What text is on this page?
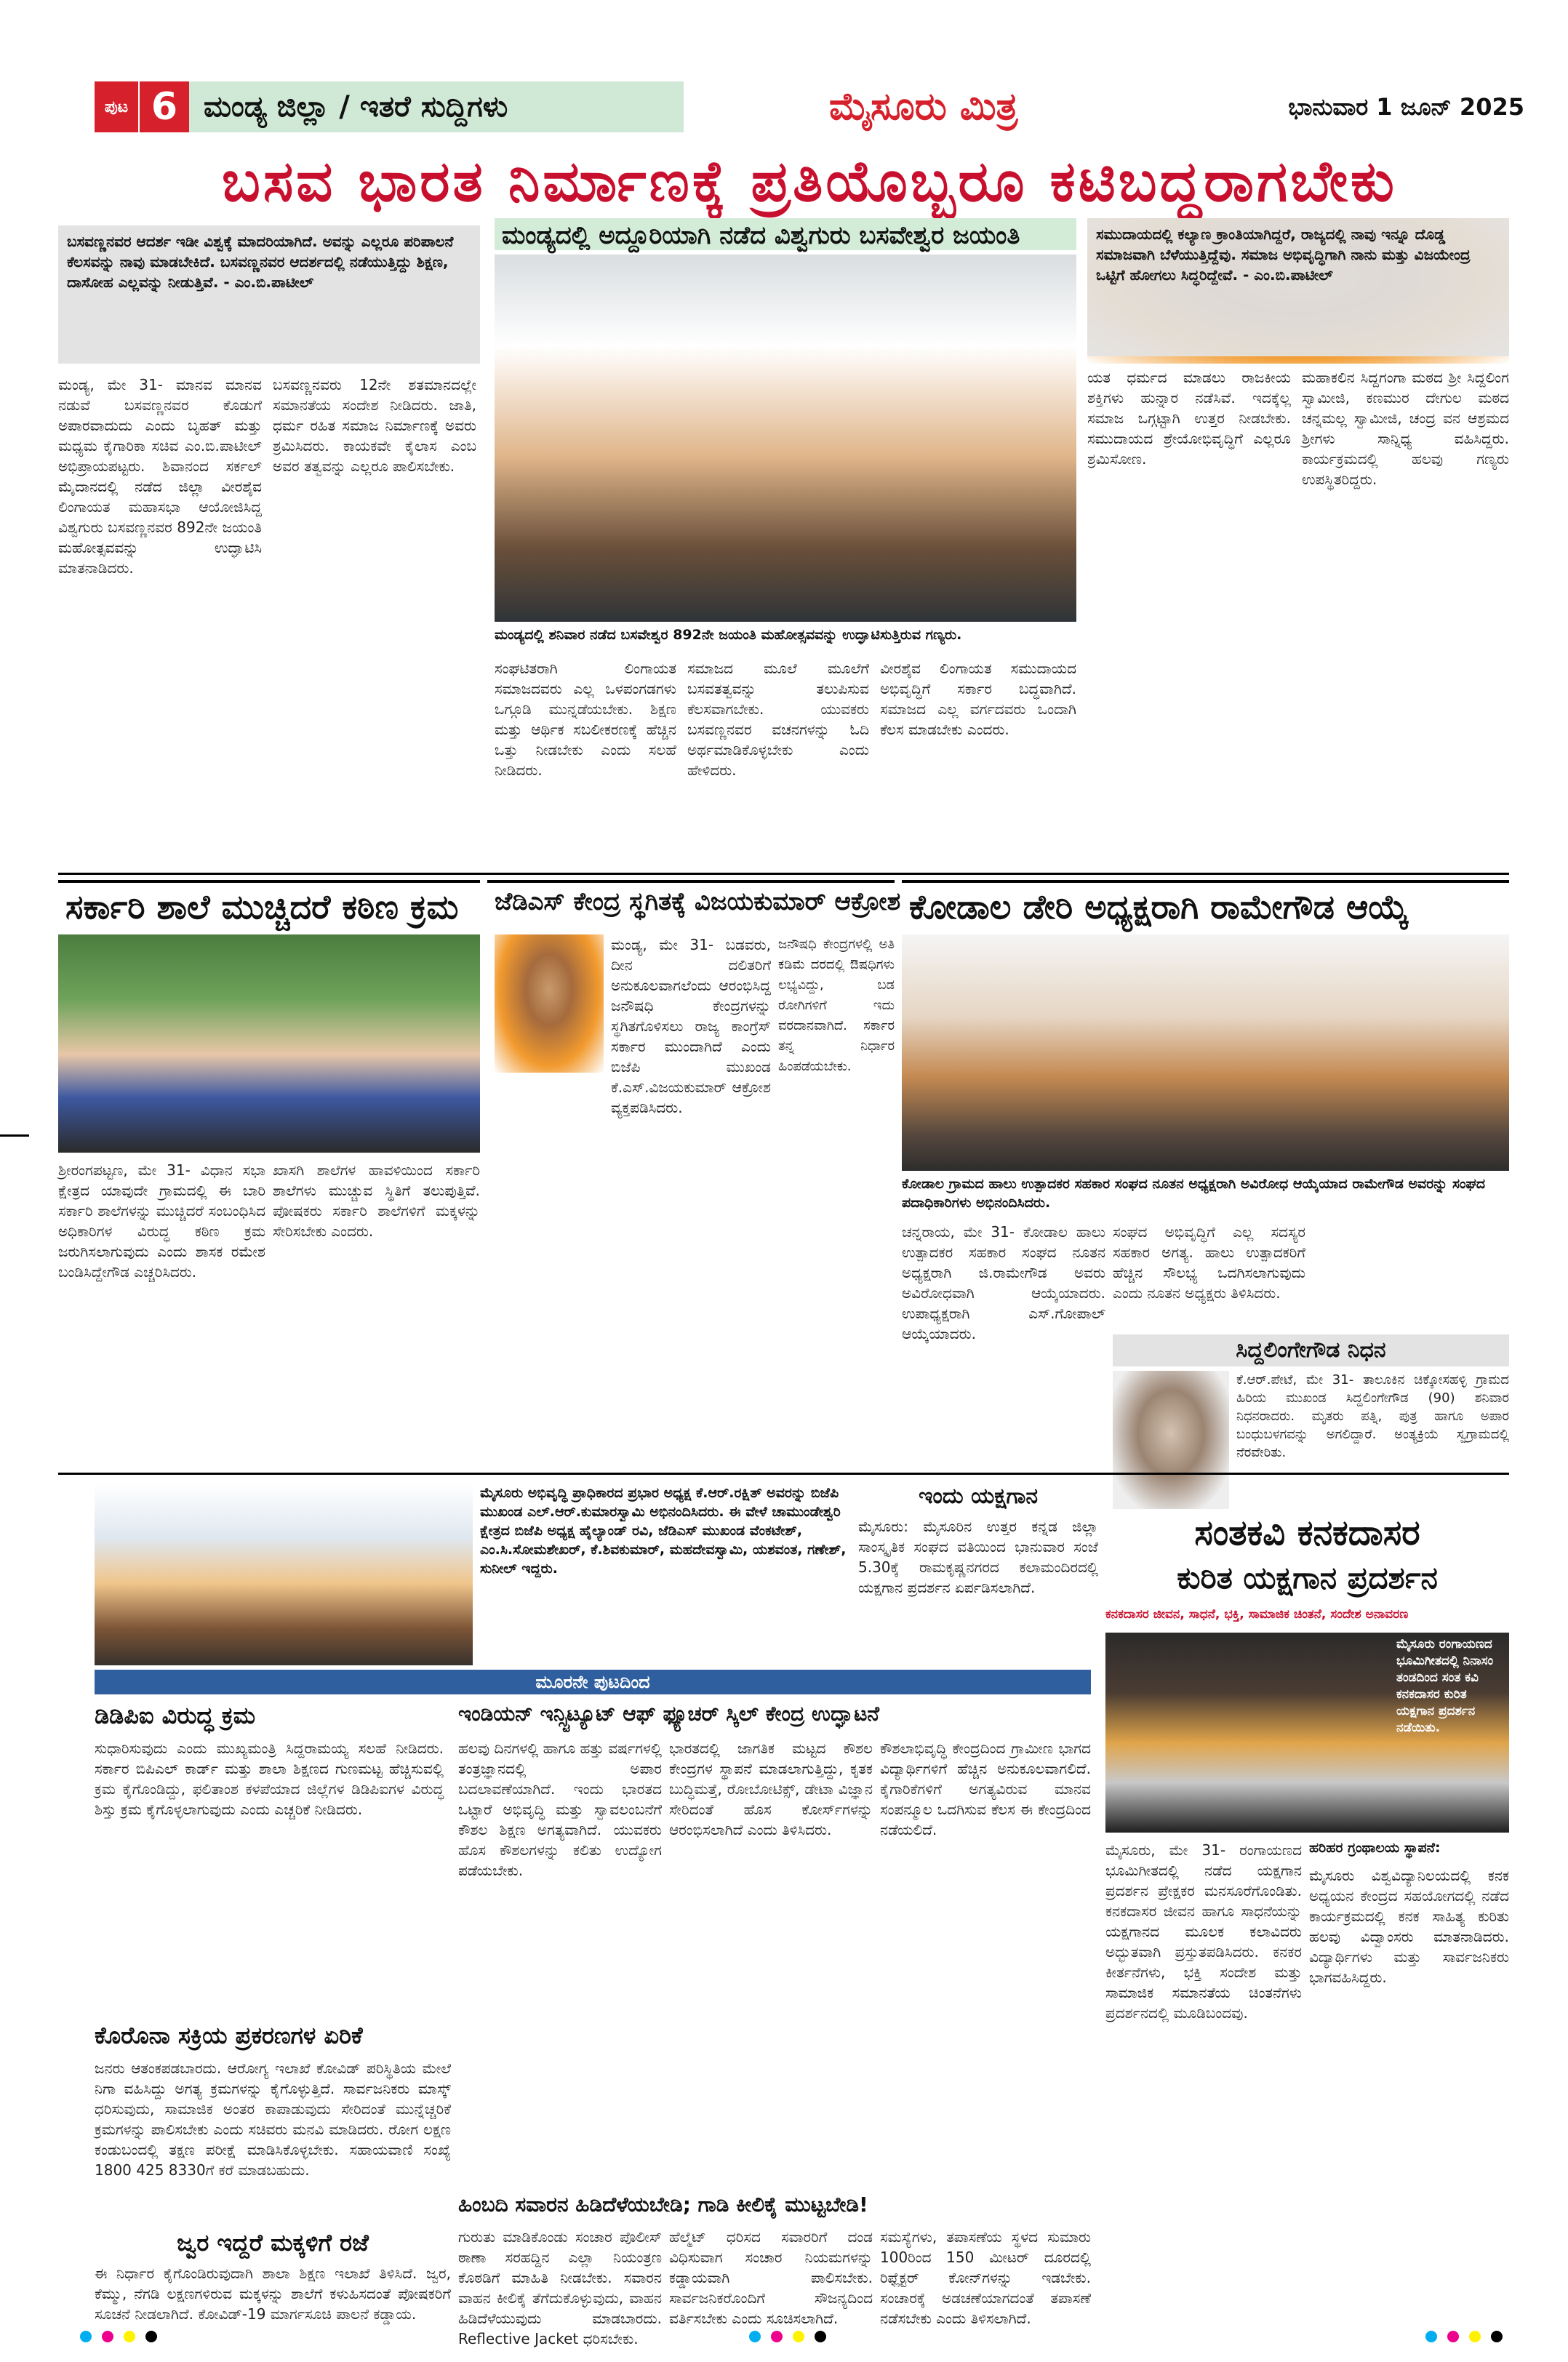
ಪುಟ 6 ಮಂಡ್ಯ ಜಿಲ್ಲಾ / ಇತರೆ ಸುದ್ದಿಗಳು	ಮೈಸೂರು ಮಿತ್ರ	ಭಾನುವಾರ 1 ಜೂನ್ 2025
ಬಸವ ಭಾರತ ನಿರ್ಮಾಣಕ್ಕೆ ಪ್ರತಿಯೊಬ್ಬರೂ ಕಟಿಬದ್ಧರಾಗಬೇಕು
ಬಸವಣ್ಣನವರ ಆದರ್ಶ ಇಡೀ ವಿಶ್ವಕ್ಕೆ ಮಾದರಿಯಾಗಿದೆ. ಅವನ್ನು ಎಲ್ಲರೂ ಪರಿಪಾಲನೆ ಕೆಲಸವನ್ನು ನಾವು ಮಾಡಬೇಕಿದೆ. ಬಸವಣ್ಣನವರ ಆದರ್ಶದಲ್ಲಿ ನಡೆಯುತ್ತಿದ್ದು ಶಿಕ್ಷಣ, ದಾಸೋಹ ಎಲ್ಲವನ್ನು ನೀಡುತ್ತಿವೆ. - ಎಂ.ಬಿ.ಪಾಟೀಲ್
ಮಂಡ್ಯದಲ್ಲಿ ಅದ್ದೂರಿಯಾಗಿ ನಡೆದ ವಿಶ್ವಗುರು ಬಸವೇಶ್ವರ ಜಯಂತಿ
ಮಂಡ್ಯದಲ್ಲಿ ಶನಿವಾರ ನಡೆದ ಬಸವೇಶ್ವರ 892ನೇ ಜಯಂತಿ ಮಹೋತ್ಸವವನ್ನು ಉದ್ಘಾಟಿಸುತ್ತಿರುವ ಗಣ್ಯರು.
ಸಮುದಾಯದಲ್ಲಿ ಕಲ್ಯಾಣ ಕ್ರಾಂತಿಯಾಗಿದ್ದರೆ, ರಾಜ್ಯದಲ್ಲಿ ನಾವು ಇನ್ನೂ ದೊಡ್ಡ ಸಮಾಜವಾಗಿ ಬೆಳೆಯುತ್ತಿದ್ದೆವು. ಸಮಾಜ ಅಭಿವೃದ್ಧಿಗಾಗಿ ನಾನು ಮತ್ತು ವಿಜಯೇಂದ್ರ ಒಟ್ಟಿಗೆ ಹೋಗಲು ಸಿದ್ಧರಿದ್ದೇವೆ. - ಎಂ.ಬಿ.ಪಾಟೀಲ್
ಮಂಡ್ಯ, ಮೇ 31- ಮಾನವ ಮಾನವ ನಡುವೆ ಬಸವಣ್ಣನವರ ಕೊಡುಗೆ ಅಪಾರವಾದುದು ಎಂದು ಬೃಹತ್ ಮತ್ತು ಮಧ್ಯಮ ಕೈಗಾರಿಕಾ ಸಚಿವ ಎಂ.ಬಿ.ಪಾಟೀಲ್ ಅಭಿಪ್ರಾಯಪಟ್ಟರು. ಶಿವಾನಂದ ಸರ್ಕಲ್ ಮೈದಾನದಲ್ಲಿ ನಡೆದ ಜಿಲ್ಲಾ ವೀರಶೈವ ಲಿಂಗಾಯತ ಮಹಾಸಭಾ ಆಯೋಜಿಸಿದ್ದ ವಿಶ್ವಗುರು ಬಸವಣ್ಣನವರ 892ನೇ ಜಯಂತಿ ಮಹೋತ್ಸವವನ್ನು ಉದ್ಘಾಟಿಸಿ ಮಾತನಾಡಿದರು.
ಬಸವಣ್ಣನವರು 12ನೇ ಶತಮಾನದಲ್ಲೇ ಸಮಾನತೆಯ ಸಂದೇಶ ನೀಡಿದರು. ಜಾತಿ, ಧರ್ಮ ರಹಿತ ಸಮಾಜ ನಿರ್ಮಾಣಕ್ಕೆ ಅವರು ಶ್ರಮಿಸಿದರು. ಕಾಯಕವೇ ಕೈಲಾಸ ಎಂಬ ಅವರ ತತ್ವವನ್ನು ಎಲ್ಲರೂ ಪಾಲಿಸಬೇಕು.
ಸಂಘಟಿತರಾಗಿ ಲಿಂಗಾಯತ ಸಮಾಜದವರು ಎಲ್ಲ ಒಳಪಂಗಡಗಳು ಒಗ್ಗೂಡಿ ಮುನ್ನಡೆಯಬೇಕು. ಶಿಕ್ಷಣ ಮತ್ತು ಆರ್ಥಿಕ ಸಬಲೀಕರಣಕ್ಕೆ ಹೆಚ್ಚಿನ ಒತ್ತು ನೀಡಬೇಕು ಎಂದು ಸಲಹೆ ನೀಡಿದರು.
ಸಮಾಜದ ಮೂಲೆ ಮೂಲೆಗೆ ಬಸವತತ್ವವನ್ನು ತಲುಪಿಸುವ ಕೆಲಸವಾಗಬೇಕು. ಯುವಕರು ಬಸವಣ್ಣನವರ ವಚನಗಳನ್ನು ಓದಿ ಅರ್ಥಮಾಡಿಕೊಳ್ಳಬೇಕು ಎಂದು ಹೇಳಿದರು.
ವೀರಶೈವ ಲಿಂಗಾಯತ ಸಮುದಾಯದ ಅಭಿವೃದ್ಧಿಗೆ ಸರ್ಕಾರ ಬದ್ಧವಾಗಿದೆ. ಸಮಾಜದ ಎಲ್ಲ ವರ್ಗದವರು ಒಂದಾಗಿ ಕೆಲಸ ಮಾಡಬೇಕು ಎಂದರು.
ಯತ ಧರ್ಮದ ಮಾಡಲು ರಾಜಕೀಯ ಶಕ್ತಿಗಳು ಹುನ್ನಾರ ನಡೆಸಿವೆ. ಇದಕ್ಕೆಲ್ಲ ಸಮಾಜ ಒಗ್ಗಟ್ಟಾಗಿ ಉತ್ತರ ನೀಡಬೇಕು. ಸಮುದಾಯದ ಶ್ರೇಯೋಭಿವೃದ್ಧಿಗೆ ಎಲ್ಲರೂ ಶ್ರಮಿಸೋಣ.
ಮಹಾಕಲಿನ ಸಿದ್ದಗಂಗಾ ಮಠದ ಶ್ರೀ ಸಿದ್ದಲಿಂಗ ಸ್ವಾಮೀಜಿ, ಕಣಮುರ ದೇಗುಲ ಮಠದ ಚನ್ನಮಲ್ಲ ಸ್ವಾಮೀಜಿ, ಚಂದ್ರ ವನ ಆಶ್ರಮದ ಶ್ರೀಗಳು ಸಾನ್ನಿಧ್ಯ ವಹಿಸಿದ್ದರು. ಕಾರ್ಯಕ್ರಮದಲ್ಲಿ ಹಲವು ಗಣ್ಯರು ಉಪಸ್ಥಿತರಿದ್ದರು.
ಸರ್ಕಾರಿ ಶಾಲೆ ಮುಚ್ಚಿದರೆ ಕಠಿಣ ಕ್ರಮ
ಶ್ರೀರಂಗಪಟ್ಟಣ, ಮೇ 31- ವಿಧಾನ ಸಭಾ ಕ್ಷೇತ್ರದ ಯಾವುದೇ ಗ್ರಾಮದಲ್ಲಿ ಈ ಬಾರಿ ಸರ್ಕಾರಿ ಶಾಲೆಗಳನ್ನು ಮುಚ್ಚಿದರೆ ಸಂಬಂಧಿಸಿದ ಅಧಿಕಾರಿಗಳ ವಿರುದ್ಧ ಕಠಿಣ ಕ್ರಮ ಜರುಗಿಸಲಾಗುವುದು ಎಂದು ಶಾಸಕ ರಮೇಶ ಬಂಡಿಸಿದ್ದೇಗೌಡ ಎಚ್ಚರಿಸಿದರು.
ಖಾಸಗಿ ಶಾಲೆಗಳ ಹಾವಳಿಯಿಂದ ಸರ್ಕಾರಿ ಶಾಲೆಗಳು ಮುಚ್ಚುವ ಸ್ಥಿತಿಗೆ ತಲುಪುತ್ತಿವೆ. ಪೋಷಕರು ಸರ್ಕಾರಿ ಶಾಲೆಗಳಿಗೆ ಮಕ್ಕಳನ್ನು ಸೇರಿಸಬೇಕು ಎಂದರು.
ಜೆಡಿಎಸ್ ಕೇಂದ್ರ ಸ್ಥಗಿತಕ್ಕೆ ವಿಜಯಕುಮಾರ್ ಆಕ್ರೋಶ
ಮಂಡ್ಯ, ಮೇ 31- ಬಡವರು, ದೀನ ದಲಿತರಿಗೆ ಅನುಕೂಲವಾಗಲೆಂದು ಆರಂಭಿಸಿದ್ದ ಜನೌಷಧಿ ಕೇಂದ್ರಗಳನ್ನು ಸ್ಥಗಿತಗೊಳಿಸಲು ರಾಜ್ಯ ಕಾಂಗ್ರೆಸ್ ಸರ್ಕಾರ ಮುಂದಾಗಿದೆ ಎಂದು ಬಿಜೆಪಿ ಮುಖಂಡ ಕೆ.ಎಸ್.ವಿಜಯಕುಮಾರ್ ಆಕ್ರೋಶ ವ್ಯಕ್ತಪಡಿಸಿದರು.
ಜನೌಷಧಿ ಕೇಂದ್ರಗಳಲ್ಲಿ ಅತಿ ಕಡಿಮೆ ದರದಲ್ಲಿ ಔಷಧಿಗಳು ಲಭ್ಯವಿದ್ದು, ಬಡ ರೋಗಿಗಳಿಗೆ ಇದು ವರದಾನವಾಗಿದೆ. ಸರ್ಕಾರ ತನ್ನ ನಿರ್ಧಾರ ಹಿಂಪಡೆಯಬೇಕು.
ಕೋಡಾಲ ಡೇರಿ ಅಧ್ಯಕ್ಷರಾಗಿ ರಾಮೇಗೌಡ ಆಯ್ಕೆ
ಕೋಡಾಲ ಗ್ರಾಮದ ಹಾಲು ಉತ್ಪಾದಕರ ಸಹಕಾರ ಸಂಘದ ನೂತನ ಅಧ್ಯಕ್ಷರಾಗಿ ಅವಿರೋಧ ಆಯ್ಕೆಯಾದ ರಾಮೇಗೌಡ ಅವರನ್ನು ಸಂಘದ ಪದಾಧಿಕಾರಿಗಳು ಅಭಿನಂದಿಸಿದರು.
ಚನ್ನರಾಯ, ಮೇ 31- ಕೋಡಾಲ ಹಾಲು ಉತ್ಪಾದಕರ ಸಹಕಾರ ಸಂಘದ ನೂತನ ಅಧ್ಯಕ್ಷರಾಗಿ ಜಿ.ರಾಮೇಗೌಡ ಅವರು ಅವಿರೋಧವಾಗಿ ಆಯ್ಕೆಯಾದರು. ಉಪಾಧ್ಯಕ್ಷರಾಗಿ ಎಸ್.ಗೋಪಾಲ್ ಆಯ್ಕೆಯಾದರು.
ಸಂಘದ ಅಭಿವೃದ್ಧಿಗೆ ಎಲ್ಲ ಸದಸ್ಯರ ಸಹಕಾರ ಅಗತ್ಯ. ಹಾಲು ಉತ್ಪಾದಕರಿಗೆ ಹೆಚ್ಚಿನ ಸೌಲಭ್ಯ ಒದಗಿಸಲಾಗುವುದು ಎಂದು ನೂತನ ಅಧ್ಯಕ್ಷರು ತಿಳಿಸಿದರು.
ಸಿದ್ದಲಿಂಗೇಗೌಡ ನಿಧನ
ಕೆ.ಆರ್.ಪೇಟೆ, ಮೇ 31- ತಾಲೂಕಿನ ಚಿಕ್ಕೋಸಹಳ್ಳಿ ಗ್ರಾಮದ ಹಿರಿಯ ಮುಖಂಡ ಸಿದ್ದಲಿಂಗೇಗೌಡ (90) ಶನಿವಾರ ನಿಧನರಾದರು. ಮೃತರು ಪತ್ನಿ, ಪುತ್ರ ಹಾಗೂ ಅಪಾರ ಬಂಧುಬಳಗವನ್ನು ಅಗಲಿದ್ದಾರೆ. ಅಂತ್ಯಕ್ರಿಯೆ ಸ್ವಗ್ರಾಮದಲ್ಲಿ ನೆರವೇರಿತು.
ಮೈಸೂರು ಅಭಿವೃದ್ಧಿ ಪ್ರಾಧಿಕಾರದ ಪ್ರಭಾರ ಅಧ್ಯಕ್ಷ ಕೆ.ಆರ್.ರಕ್ಷಿತ್ ಅವರನ್ನು ಬಿಜೆಪಿ ಮುಖಂಡ ಎಲ್.ಆರ್.ಕುಮಾರಸ್ವಾಮಿ ಅಭಿನಂದಿಸಿದರು. ಈ ವೇಳೆ ಚಾಮುಂಡೇಶ್ವರಿ ಕ್ಷೇತ್ರದ ಬಿಜೆಪಿ ಅಧ್ಯಕ್ಷ ಹೈಲ್ಯಾಂಡ್ ರವಿ, ಜೆಡಿಎಸ್ ಮುಖಂಡ ವೆಂಕಟೇಶ್, ಎಂ.ಸಿ.ಸೋಮಶೇಖರ್, ಕೆ.ಶಿವಕುಮಾರ್, ಮಹದೇವಸ್ವಾಮಿ, ಯಶವಂತ, ಗಣೇಶ್, ಸುನೀಲ್ ಇದ್ದರು.
ಇಂದು ಯಕ್ಷಗಾನ
ಮೈಸೂರು: ಮೈಸೂರಿನ ಉತ್ತರ ಕನ್ನಡ ಜಿಲ್ಲಾ ಸಾಂಸ್ಕೃತಿಕ ಸಂಘದ ವತಿಯಿಂದ ಭಾನುವಾರ ಸಂಜೆ 5.30ಕ್ಕೆ ರಾಮಕೃಷ್ಣನಗರದ ಕಲಾಮಂದಿರದಲ್ಲಿ ಯಕ್ಷಗಾನ ಪ್ರದರ್ಶನ ಏರ್ಪಡಿಸಲಾಗಿದೆ.
ಮೂರನೇ ಪುಟದಿಂದ
ಸಂತಕವಿ ಕನಕದಾಸರ
ಕುರಿತ ಯಕ್ಷಗಾನ ಪ್ರದರ್ಶನ
ಕನಕದಾಸರ ಜೀವನ, ಸಾಧನೆ, ಭಕ್ತಿ, ಸಾಮಾಜಿಕ ಚಿಂತನೆ, ಸಂದೇಶ ಅನಾವರಣ
ಮೈಸೂರು ರಂಗಾಯಣದ ಭೂಮಿಗೀತದಲ್ಲಿ ನಿನಾಸಂ ತಂಡದಿಂದ ಸಂತ ಕವಿ ಕನಕದಾಸರ ಕುರಿತ ಯಕ್ಷಗಾನ ಪ್ರದರ್ಶನ ನಡೆಯಿತು.
ಮೈಸೂರು, ಮೇ 31- ರಂಗಾಯಣದ ಭೂಮಿಗೀತದಲ್ಲಿ ನಡೆದ ಯಕ್ಷಗಾನ ಪ್ರದರ್ಶನ ಪ್ರೇಕ್ಷಕರ ಮನಸೂರೆಗೊಂಡಿತು. ಕನಕದಾಸರ ಜೀವನ ಹಾಗೂ ಸಾಧನೆಯನ್ನು ಯಕ್ಷಗಾನದ ಮೂಲಕ ಕಲಾವಿದರು ಅದ್ಭುತವಾಗಿ ಪ್ರಸ್ತುತಪಡಿಸಿದರು. ಕನಕರ ಕೀರ್ತನೆಗಳು, ಭಕ್ತಿ ಸಂದೇಶ ಮತ್ತು ಸಾಮಾಜಿಕ ಸಮಾನತೆಯ ಚಿಂತನೆಗಳು ಪ್ರದರ್ಶನದಲ್ಲಿ ಮೂಡಿಬಂದವು.
ಹರಿಹರ ಗ್ರಂಥಾಲಯ ಸ್ಥಾಪನೆ:
ಮೈಸೂರು ವಿಶ್ವವಿದ್ಯಾನಿಲಯದಲ್ಲಿ ಕನಕ ಅಧ್ಯಯನ ಕೇಂದ್ರದ ಸಹಯೋಗದಲ್ಲಿ ನಡೆದ ಕಾರ್ಯಕ್ರಮದಲ್ಲಿ ಕನಕ ಸಾಹಿತ್ಯ ಕುರಿತು ಹಲವು ವಿದ್ವಾಂಸರು ಮಾತನಾಡಿದರು. ವಿದ್ಯಾರ್ಥಿಗಳು ಮತ್ತು ಸಾರ್ವಜನಿಕರು ಭಾಗವಹಿಸಿದ್ದರು.
ಡಿಡಿಪಿಐ ವಿರುದ್ಧ ಕ್ರಮ
ಸುಧಾರಿಸುವುದು ಎಂದು ಮುಖ್ಯಮಂತ್ರಿ ಸಿದ್ದರಾಮಯ್ಯ ಸಲಹೆ ನೀಡಿದರು. ಸರ್ಕಾರ ಬಿಪಿಎಲ್ ಕಾರ್ಡ್ ಮತ್ತು ಶಾಲಾ ಶಿಕ್ಷಣದ ಗುಣಮಟ್ಟ ಹೆಚ್ಚಿಸುವಲ್ಲಿ ಕ್ರಮ ಕೈಗೊಂಡಿದ್ದು, ಫಲಿತಾಂಶ ಕಳಪೆಯಾದ ಜಿಲ್ಲೆಗಳ ಡಿಡಿಪಿಐಗಳ ವಿರುದ್ಧ ಶಿಸ್ತು ಕ್ರಮ ಕೈಗೊಳ್ಳಲಾಗುವುದು ಎಂದು ಎಚ್ಚರಿಕೆ ನೀಡಿದರು.
ಕೊರೊನಾ ಸಕ್ರಿಯ ಪ್ರಕರಣಗಳ ಏರಿಕೆ
ಜನರು ಆತಂಕಪಡಬಾರದು. ಆರೋಗ್ಯ ಇಲಾಖೆ ಕೋವಿಡ್ ಪರಿಸ್ಥಿತಿಯ ಮೇಲೆ ನಿಗಾ ವಹಿಸಿದ್ದು ಅಗತ್ಯ ಕ್ರಮಗಳನ್ನು ಕೈಗೊಳ್ಳುತ್ತಿದೆ. ಸಾರ್ವಜನಿಕರು ಮಾಸ್ಕ್ ಧರಿಸುವುದು, ಸಾಮಾಜಿಕ ಅಂತರ ಕಾಪಾಡುವುದು ಸೇರಿದಂತೆ ಮುನ್ನೆಚ್ಚರಿಕೆ ಕ್ರಮಗಳನ್ನು ಪಾಲಿಸಬೇಕು ಎಂದು ಸಚಿವರು ಮನವಿ ಮಾಡಿದರು. ರೋಗ ಲಕ್ಷಣ ಕಂಡುಬಂದಲ್ಲಿ ತಕ್ಷಣ ಪರೀಕ್ಷೆ ಮಾಡಿಸಿಕೊಳ್ಳಬೇಕು. ಸಹಾಯವಾಣಿ ಸಂಖ್ಯೆ 1800 425 8330ಗೆ ಕರೆ ಮಾಡಬಹುದು.
ಜ್ವರ ಇದ್ದರೆ ಮಕ್ಕಳಿಗೆ ರಜೆ
ಈ ನಿರ್ಧಾರ ಕೈಗೊಂಡಿರುವುದಾಗಿ ಶಾಲಾ ಶಿಕ್ಷಣ ಇಲಾಖೆ ತಿಳಿಸಿದೆ. ಜ್ವರ, ಕೆಮ್ಮು, ನೆಗಡಿ ಲಕ್ಷಣಗಳಿರುವ ಮಕ್ಕಳನ್ನು ಶಾಲೆಗೆ ಕಳುಹಿಸದಂತೆ ಪೋಷಕರಿಗೆ ಸೂಚನೆ ನೀಡಲಾಗಿದೆ. ಕೋವಿಡ್-19 ಮಾರ್ಗಸೂಚಿ ಪಾಲನೆ ಕಡ್ಡಾಯ.
ಇಂಡಿಯನ್ ಇನ್ಸ್ಟಿಟ್ಯೂಟ್ ಆಫ್ ಫ್ಯೂಚರ್ ಸ್ಕಿಲ್ ಕೇಂದ್ರ ಉದ್ಘಾಟನೆ
ಹಲವು ದಿನಗಳಲ್ಲಿ ಹಾಗೂ ಹತ್ತು ವರ್ಷಗಳಲ್ಲಿ ತಂತ್ರಜ್ಞಾನದಲ್ಲಿ ಅಪಾರ ಬದಲಾವಣೆಯಾಗಿದೆ. ಇಂದು ಭಾರತದ ಒಟ್ಟಾರೆ ಅಭಿವೃದ್ಧಿ ಮತ್ತು ಸ್ವಾವಲಂಬನೆಗೆ ಕೌಶಲ ಶಿಕ್ಷಣ ಅಗತ್ಯವಾಗಿದೆ. ಯುವಕರು ಹೊಸ ಕೌಶಲಗಳನ್ನು ಕಲಿತು ಉದ್ಯೋಗ ಪಡೆಯಬೇಕು.
ಭಾರತದಲ್ಲಿ ಜಾಗತಿಕ ಮಟ್ಟದ ಕೌಶಲ ಕೇಂದ್ರಗಳ ಸ್ಥಾಪನೆ ಮಾಡಲಾಗುತ್ತಿದ್ದು, ಕೃತಕ ಬುದ್ಧಿಮತ್ತೆ, ರೋಬೋಟಿಕ್ಸ್, ಡೇಟಾ ವಿಜ್ಞಾನ ಸೇರಿದಂತೆ ಹೊಸ ಕೋರ್ಸ್‌ಗಳನ್ನು ಆರಂಭಿಸಲಾಗಿದೆ ಎಂದು ತಿಳಿಸಿದರು.
ಕೌಶಲಾಭಿವೃದ್ಧಿ ಕೇಂದ್ರದಿಂದ ಗ್ರಾಮೀಣ ಭಾಗದ ವಿದ್ಯಾರ್ಥಿಗಳಿಗೆ ಹೆಚ್ಚಿನ ಅನುಕೂಲವಾಗಲಿದೆ. ಕೈಗಾರಿಕೆಗಳಿಗೆ ಅಗತ್ಯವಿರುವ ಮಾನವ ಸಂಪನ್ಮೂಲ ಒದಗಿಸುವ ಕೆಲಸ ಈ ಕೇಂದ್ರದಿಂದ ನಡೆಯಲಿದೆ.
ಹಿಂಬದಿ ಸವಾರನ ಹಿಡಿದೆಳೆಯಬೇಡಿ; ಗಾಡಿ ಕೀಲಿಕೈ ಮುಟ್ಟಬೇಡಿ!
ಗುರುತು ಮಾಡಿಕೊಂಡು ಸಂಚಾರ ಪೊಲೀಸ್ ಠಾಣಾ ಸರಹದ್ದಿನ ಎಲ್ಲಾ ನಿಯಂತ್ರಣ ಕೊಠಡಿಗೆ ಮಾಹಿತಿ ನೀಡಬೇಕು. ಸವಾರನ ವಾಹನ ಕೀಲಿಕೈ ತೆಗೆದುಕೊಳ್ಳುವುದು, ವಾಹನ ಹಿಡಿದೆಳೆಯುವುದು ಮಾಡಬಾರದು. Reflective Jacket ಧರಿಸಬೇಕು.
ಹೆಲ್ಮೆಟ್ ಧರಿಸದ ಸವಾರರಿಗೆ ದಂಡ ವಿಧಿಸುವಾಗ ಸಂಚಾರ ನಿಯಮಗಳನ್ನು ಕಡ್ಡಾಯವಾಗಿ ಪಾಲಿಸಬೇಕು. ಸಾರ್ವಜನಿಕರೊಂದಿಗೆ ಸೌಜನ್ಯದಿಂದ ವರ್ತಿಸಬೇಕು ಎಂದು ಸೂಚಿಸಲಾಗಿದೆ.
ಸಮಸ್ಯೆಗಳು, ತಪಾಸಣೆಯ ಸ್ಥಳದ ಸುಮಾರು 100ರಿಂದ 150 ಮೀಟರ್ ದೂರದಲ್ಲಿ ರಿಫ್ಲೆಕ್ಟರ್ ಕೋನ್‌ಗಳನ್ನು ಇಡಬೇಕು. ಸಂಚಾರಕ್ಕೆ ಅಡಚಣೆಯಾಗದಂತೆ ತಪಾಸಣೆ ನಡೆಸಬೇಕು ಎಂದು ತಿಳಿಸಲಾಗಿದೆ.
